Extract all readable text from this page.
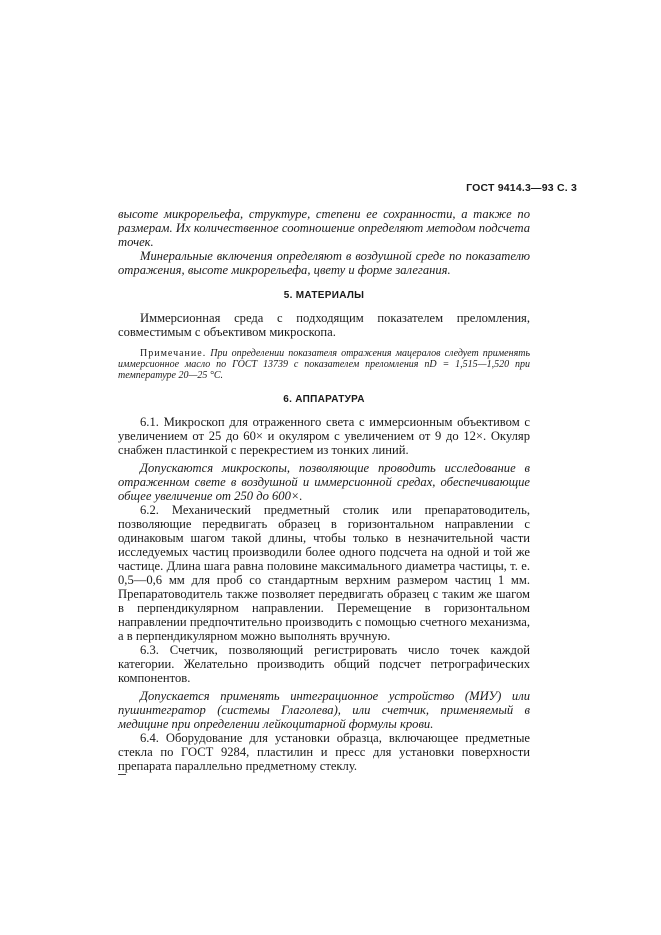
ГОСТ 9414.3—93 С. 3

высоте микрорельефа, структуре, степени ее сохранности, а также по размерам. Их количественное соотношение определяют методом подсчета точек.

Минеральные включения определяют в воздушной среде по показателю отражения, высоте микрорельефа, цвету и форме залегания.

5. МАТЕРИАЛЫ

Иммерсионная среда с подходящим показателем преломления, совместимым с объективом микроскопа.

Примечание. При определении показателя отражения мацералов следует применять иммерсионное масло по ГОСТ 13739 с показателем преломления nD = 1,515—1,520 при температуре 20—25 °С.

6. АППАРАТУРА

6.1. Микроскоп для отраженного света с иммерсионным объективом с увеличением от 25 до 60× и окуляром с увеличением от 9 до 12×. Окуляр снабжен пластинкой с перекрестием из тонких линий.

Допускаются микроскопы, позволяющие проводить исследование в отраженном свете в воздушной и иммерсионной средах, обеспечивающие общее увеличение от 250 до 600×.

6.2. Механический предметный столик или препаратоводитель, позволяющие передвигать образец в горизонтальном направлении с одинаковым шагом такой длины, чтобы только в незначительной части исследуемых частиц производили более одного подсчета на одной и той же частице. Длина шага равна половине максимального диаметра частицы, т. е. 0,5—0,6 мм для проб со стандартным верхним размером частиц 1 мм. Препаратоводитель также позволяет передвигать образец с таким же шагом в перпендикулярном направлении. Перемещение в горизонтальном направлении предпочтительно производить с помощью счетного механизма, а в перпендикулярном можно выполнять вручную.

6.3. Счетчик, позволяющий регистрировать число точек каждой категории. Желательно производить общий подсчет петрографических компонентов.

Допускается применять интеграционное устройство (МИУ) или пушинтегратор (системы Глаголева), или счетчик, применяемый в медицине при определении лейкоцитарной формулы крови.

6.4. Оборудование для установки образца, включающее предметные стекла по ГОСТ 9284, пластилин и пресс для установки поверхности препарата параллельно предметному стеклу.
